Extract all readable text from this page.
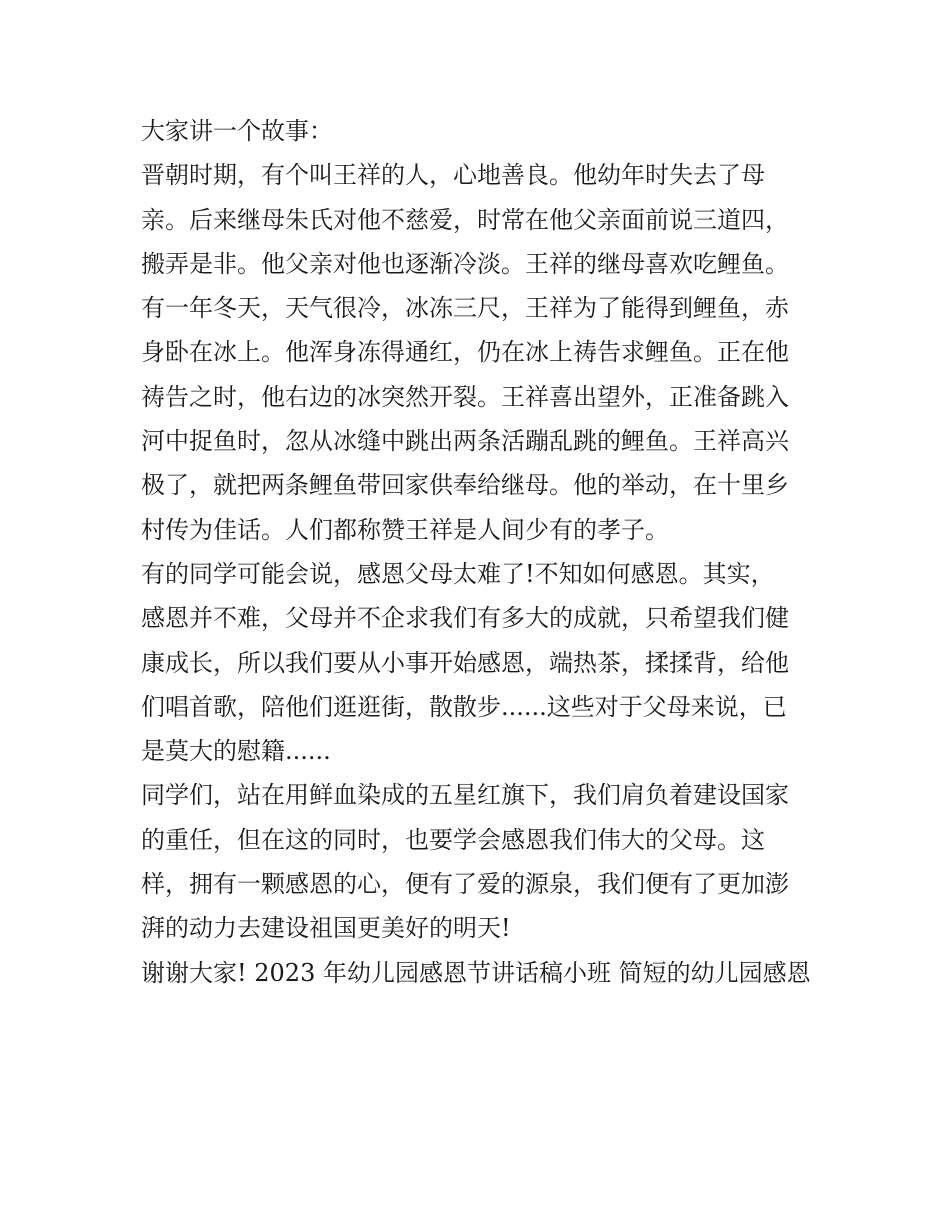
大家讲一个故事：
晋朝时期，有个叫王祥的人，心地善良。他幼年时失去了母
亲。后来继母朱氏对他不慈爱，时常在他父亲面前说三道四，
搬弄是非。他父亲对他也逐渐冷淡。王祥的继母喜欢吃鲤鱼。
有一年冬天，天气很冷，冰冻三尺，王祥为了能得到鲤鱼，赤
身卧在冰上。他浑身冻得通红，仍在冰上祷告求鲤鱼。正在他
祷告之时，他右边的冰突然开裂。王祥喜出望外，正准备跳入
河中捉鱼时，忽从冰缝中跳出两条活蹦乱跳的鲤鱼。王祥高兴
极了，就把两条鲤鱼带回家供奉给继母。他的举动，在十里乡
村传为佳话。人们都称赞王祥是人间少有的孝子。
有的同学可能会说，感恩父母太难了!不知如何感恩。其实，
感恩并不难，父母并不企求我们有多大的成就，只希望我们健
康成长，所以我们要从小事开始感恩，端热茶，揉揉背，给他
们唱首歌，陪他们逛逛街，散散步......这些对于父母来说，已
是莫大的慰籍......
同学们，站在用鲜血染成的五星红旗下，我们肩负着建设国家
的重任，但在这的同时，也要学会感恩我们伟大的父母。这
样，拥有一颗感恩的心，便有了爱的源泉，我们便有了更加澎
湃的动力去建设祖国更美好的明天!
谢谢大家! 2023 年幼儿园感恩节讲话稿小班 简短的幼儿园感恩
